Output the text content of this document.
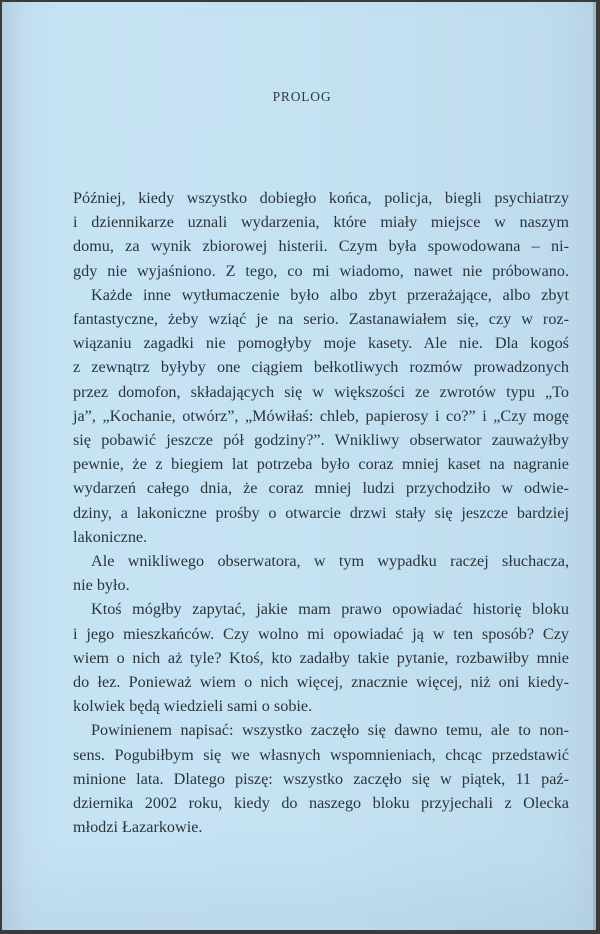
PROLOG
Później, kiedy wszystko dobiegło końca, policja, biegli psychiatrzy
i dziennikarze uznali wydarzenia, które miały miejsce w naszym
domu, za wynik zbiorowej histerii. Czym była spowodowana – ni-
gdy nie wyjaśniono. Z tego, co mi wiadomo, nawet nie próbowano.
Każde inne wytłumaczenie było albo zbyt przerażające, albo zbyt
fantastyczne, żeby wziąć je na serio. Zastanawiałem się, czy w roz-
wiązaniu zagadki nie pomogłyby moje kasety. Ale nie. Dla kogoś
z zewnątrz byłyby one ciągiem bełkotliwych rozmów prowadzonych
przez domofon, składających się w większości ze zwrotów typu „To
ja”, „Kochanie, otwórz”, „Mówiłaś: chleb, papierosy i co?” i „Czy mogę
się pobawić jeszcze pół godziny?”. Wnikliwy obserwator zauważyłby
pewnie, że z biegiem lat potrzeba było coraz mniej kaset na nagranie
wydarzeń całego dnia, że coraz mniej ludzi przychodziło w odwie-
dziny, a lakoniczne prośby o otwarcie drzwi stały się jeszcze bardziej
lakoniczne.
Ale wnikliwego obserwatora, w tym wypadku raczej słuchacza,
nie było.
Ktoś mógłby zapytać, jakie mam prawo opowiadać historię bloku
i jego mieszkańców. Czy wolno mi opowiadać ją w ten sposób? Czy
wiem o nich aż tyle? Ktoś, kto zadałby takie pytanie, rozbawiłby mnie
do łez. Ponieważ wiem o nich więcej, znacznie więcej, niż oni kiedy-
kolwiek będą wiedzieli sami o sobie.
Powinienem napisać: wszystko zaczęło się dawno temu, ale to non-
sens. Pogubiłbym się we własnych wspomnieniach, chcąc przedstawić
minione lata. Dlatego piszę: wszystko zaczęło się w piątek, 11 paź-
dziernika 2002 roku, kiedy do naszego bloku przyjechali z Olecka
młodzi Łazarkowie.
